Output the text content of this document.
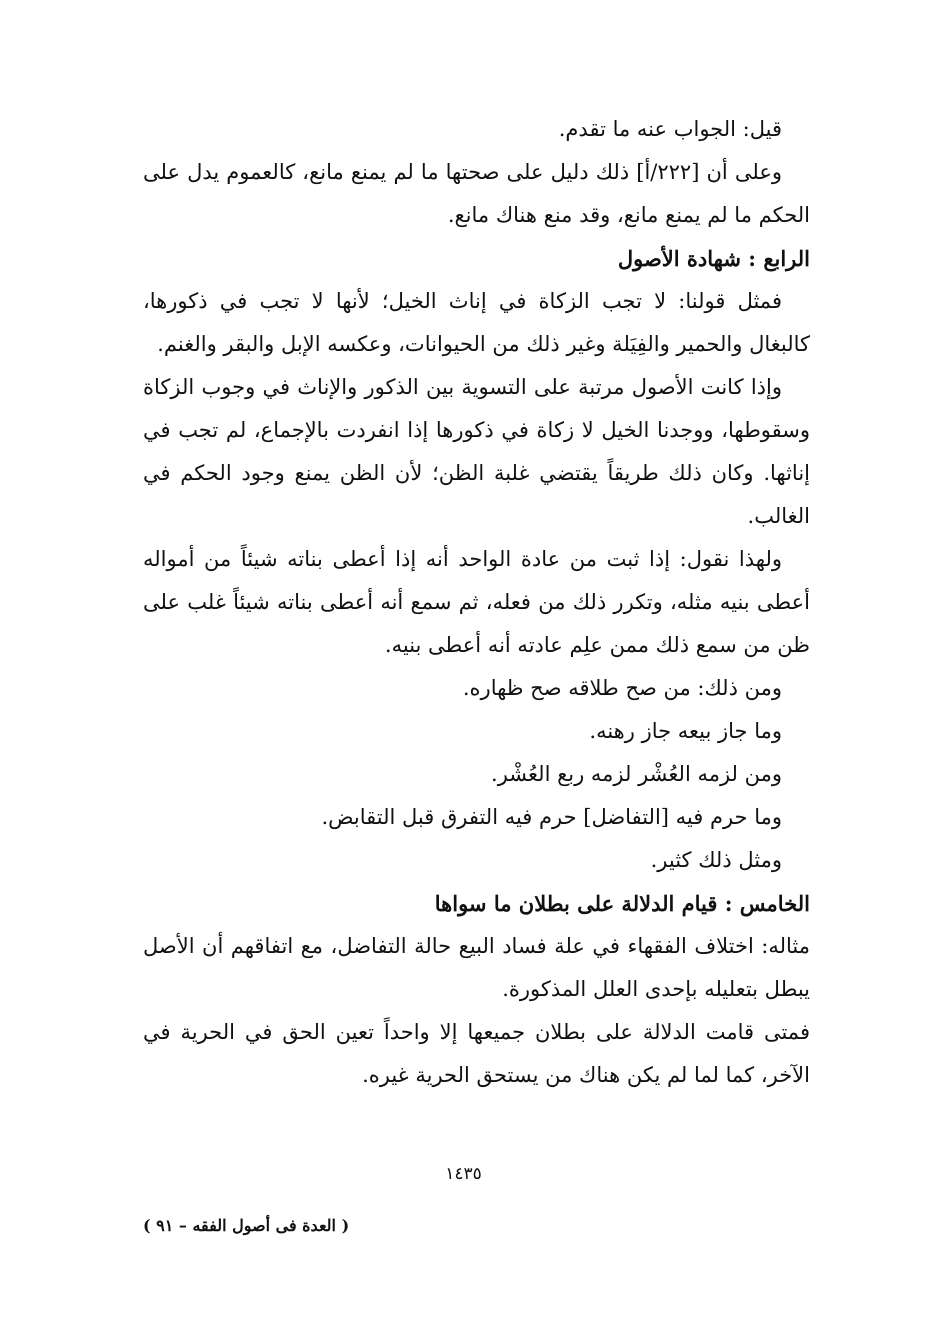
قيل: الجواب عنه ما تقدم.

وعلى أن [٢٢٢/أ] ذلك دليل على صحتها ما لم يمنع مانع، كالعموم يدل على الحكم ما لم يمنع مانع، وقد منع هناك مانع.

الرابع : شهادة الأصول

فمثل قولنا: لا تجب الزكاة في إناث الخيل؛ لأنها لا تجب في ذكورها، كالبغال والحمير والفِيَلة وغير ذلك من الحيوانات، وعكسه الإبل والبقر والغنم.

وإذا كانت الأصول مرتبة على التسوية بين الذكور والإناث في وجوب الزكاة وسقوطها، ووجدنا الخيل لا زكاة في ذكورها إذا انفردت بالإجماع، لم تجب في إناثها. وكان ذلك طريقاً يقتضي غلبة الظن؛ لأن الظن يمنع وجود الحكم في الغالب.

ولهذا نقول: إذا ثبت من عادة الواحد أنه إذا أعطى بناته شيئاً من أمواله أعطى بنيه مثله، وتكرر ذلك من فعله، ثم سمع أنه أعطى بناته شيئاً غلب على ظن من سمع ذلك ممن علِم عادته أنه أعطى بنيه.

ومن ذلك: من صح طلاقه صح ظهاره.

وما جاز بيعه جاز رهنه.

ومن لزمه العُشْر لزمه ربع العُشْر.

وما حرم فيه [التفاضل] حرم فيه التفرق قبل التقابض.

ومثل ذلك كثير.

الخامس : قيام الدلالة على بطلان ما سواها

مثاله: اختلاف الفقهاء في علة فساد البيع حالة التفاضل، مع اتفاقهم أن الأصل يبطل بتعليله بإحدى العلل المذكورة.

فمتى قامت الدلالة على بطلان جميعها إلا واحداً تعين الحق في الحرية في الآخر، كما لما لم يكن هناك من يستحق الحرية غيره.

١٤٣٥
( العدة فى أصول الفقه – ٩١ )
